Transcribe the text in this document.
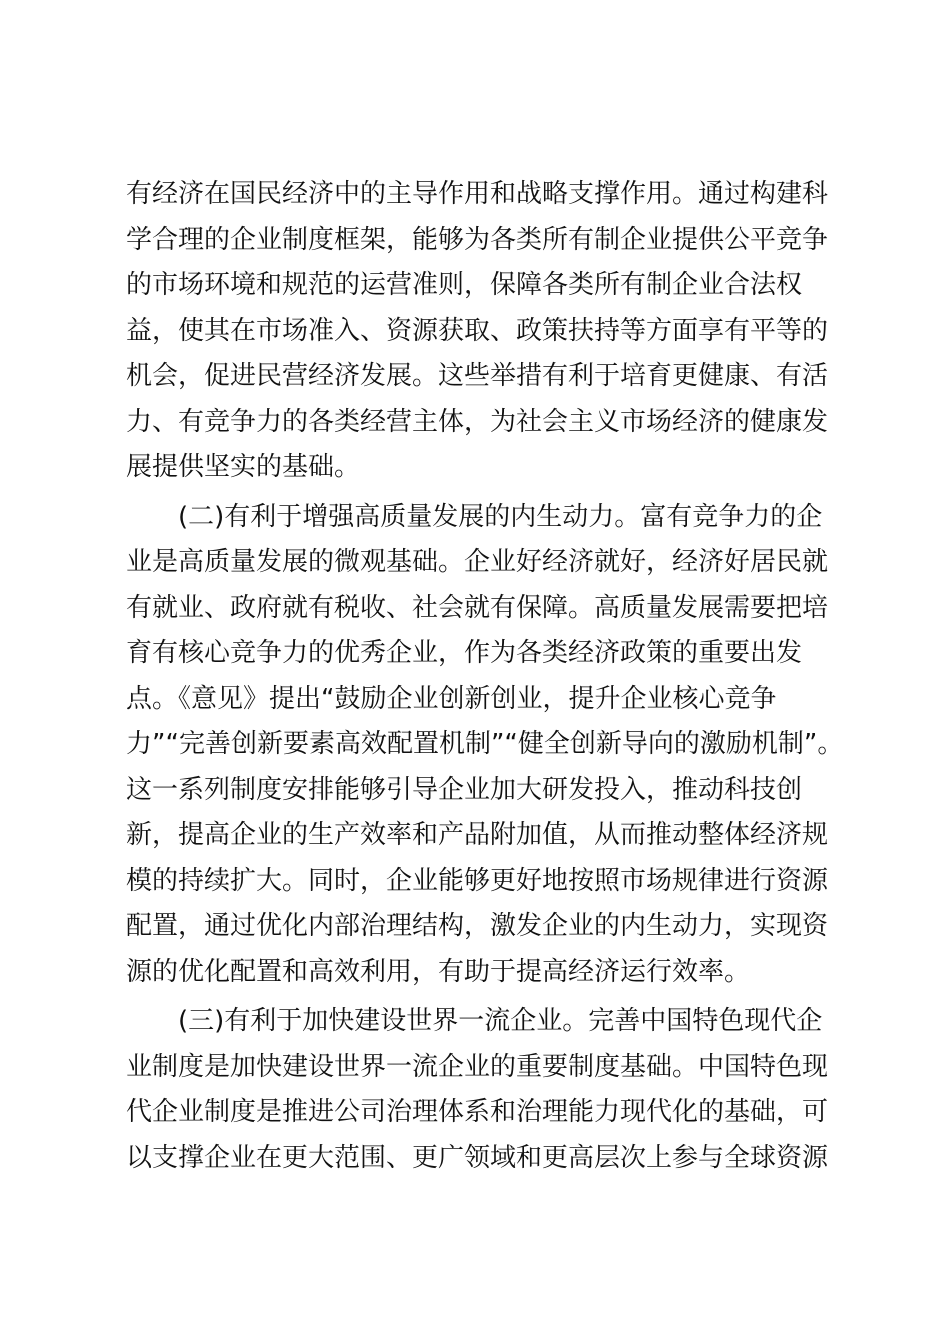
有经济在国民经济中的主导作用和战略支撑作用。通过构建科
学合理的企业制度框架，能够为各类所有制企业提供公平竞争
的市场环境和规范的运营准则，保障各类所有制企业合法权
益，使其在市场准入、资源获取、政策扶持等方面享有平等的
机会，促进民营经济发展。这些举措有利于培育更健康、有活
力、有竞争力的各类经营主体，为社会主义市场经济的健康发
展提供坚实的基础。
(二)有利于增强高质量发展的内生动力。富有竞争力的企
业是高质量发展的微观基础。企业好经济就好，经济好居民就
有就业、政府就有税收、社会就有保障。高质量发展需要把培
育有核心竞争力的优秀企业，作为各类经济政策的重要出发
点。《意见》提出“鼓励企业创新创业，提升企业核心竞争
力”“完善创新要素高效配置机制”“健全创新导向的激励机制”。
这一系列制度安排能够引导企业加大研发投入，推动科技创
新，提高企业的生产效率和产品附加值，从而推动整体经济规
模的持续扩大。同时，企业能够更好地按照市场规律进行资源
配置，通过优化内部治理结构，激发企业的内生动力，实现资
源的优化配置和高效利用，有助于提高经济运行效率。
(三)有利于加快建设世界一流企业。完善中国特色现代企
业制度是加快建设世界一流企业的重要制度基础。中国特色现
代企业制度是推进公司治理体系和治理能力现代化的基础，可
以支撑企业在更大范围、更广领域和更高层次上参与全球资源
